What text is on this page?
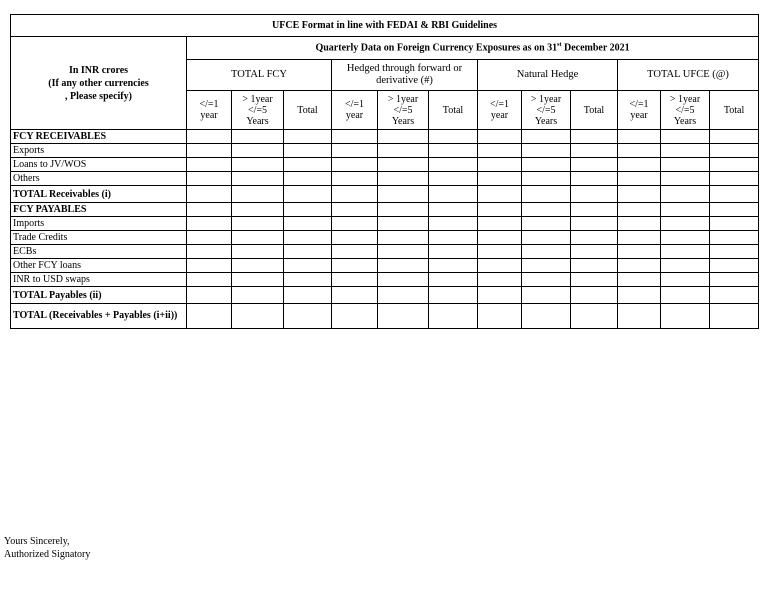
UFCE Format in line with FEDAI & RBI Guidelines												
In INR crores
(If any other currencies
, Please specify)	Quarterly Data on Foreign Currency Exposures as on 31st December 2021											
	TOTAL FCY			Hedged through forward or derivative (#)			Natural Hedge			TOTAL UFCE (@)		
	</=1 year	> 1year </=5 Years	Total	</=1 year	> 1year </=5 Years	Total	</=1 year	> 1year </=5 Years	Total	</=1 year	> 1year </=5 Years	Total
FCY RECEIVABLES												
Exports												
Loans to JV/WOS												
Others												
TOTAL Receivables (i)												
FCY PAYABLES												
Imports												
Trade Credits												
ECBs												
Other FCY loans												
INR to USD swaps												
TOTAL Payables (ii)												
TOTAL (Receivables + Payables (i+ii))												
Yours Sincerely,
Authorized Signatory
